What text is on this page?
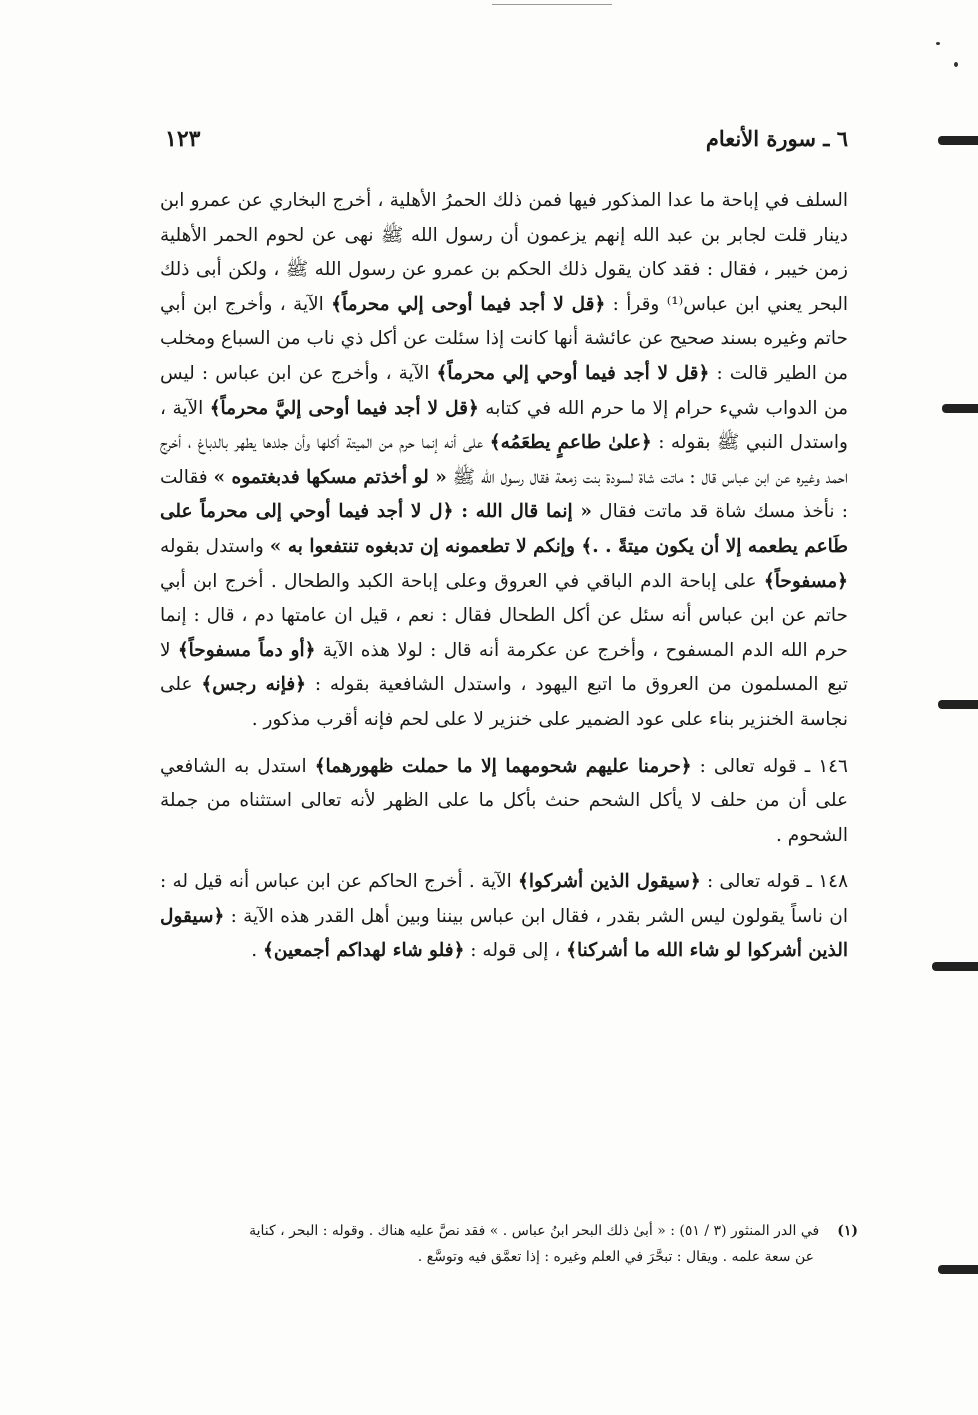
٦ ـ سورة الأنعام
١٢٣

السلف في إباحة ما عدا المذكور فيها فمن ذلك الحمرُ الأهلية ، أخرج البخاري عن عمرو ابن دينار قلت لجابر بن عبد الله إنهم يزعمون أن رسول الله ﷺ نهى عن لحوم الحمر الأهلية زمن خيبر ، فقال : فقد كان يقول ذلك الحكم بن عمرو عن رسول الله ﷺ ، ولكن أبى ذلك البحر يعني ابن عباس⁽¹⁾ وقرأ : ﴿قل لا أجد فيما أوحى إلي محرماً﴾ الآية ، وأخرج ابن أبي حاتم وغيره بسند صحيح عن عائشة أنها كانت إذا سئلت عن أكل ذي ناب من السباع ومخلب من الطير قالت : ﴿قل لا أجد فيما أوحي إلي محرماً﴾ الآية ، وأخرج عن ابن عباس : ليس من الدواب شيء حرام إلا ما حرم الله في كتابه ﴿قل لا أجد فيما أوحى إليَّ محرماً﴾ الآية ، واستدل النبي ﷺ بقوله : ﴿علىٰ طاعمٍ يطعَمُه﴾ على أنه إنما حرم من الميتة أكلها وأن جلدها يطهر بالدباغ ، أخرج احمد وغيره عن ابن عباس قال : ماتت شاة لسودة بنت زمعة فقال رسول الله ﷺ « لو أخذتم مسكها فدبغتموه » فقالت : نأخذ مسك شاة قد ماتت فقال « إنما قال الله : ﴿ل لا أجد فيما أوحي إلى محرماً على طَاعم يطعمه إلا أن يكون ميتةً . .﴾ وإنكم لا تطعمونه إن تدبغوه تنتفعوا به » واستدل بقوله ﴿مسفوحاً﴾ على إباحة الدم الباقي في العروق وعلى إباحة الكبد والطحال . أخرج ابن أبي حاتم عن ابن عباس أنه سئل عن أكل الطحال فقال : نعم ، قيل ان عامتها دم ، قال : إنما حرم الله الدم المسفوح ، وأخرج عن عكرمة أنه قال : لولا هذه الآية ﴿أو دماً مسفوحاً﴾ لا تبع المسلمون من العروق ما اتبع اليهود ، واستدل الشافعية بقوله : ﴿فإنه رجس﴾ على نجاسة الخنزير بناء على عود الضمير على خنزير لا على لحم فإنه أقرب مذكور .

١٤٦ ـ قوله تعالى : ﴿حرمنا عليهم شحومهما إلا ما حملت ظهورهما﴾ استدل به الشافعي على أن من حلف لا يأكل الشحم حنث بأكل ما على الظهر لأنه تعالى استثناه من جملة الشحوم .

١٤٨ ـ قوله تعالى : ﴿سيقول الذين أشركوا﴾ الآية . أخرج الحاكم عن ابن عباس أنه قيل له : ان ناساً يقولون ليس الشر بقدر ، فقال ابن عباس بيننا وبين أهل القدر هذه الآية : ﴿سيقول الذين أشركوا لو شاء الله ما أشركنا﴾ ، إلى قوله : ﴿فلو شاء لهداكم أجمعين﴾ .

(١)في الدر المنثور (٣ / ٥١) : « أبىٰ ذلك البحر ابنُ عباس . » فقد نصَّ عليه هناك . وقوله : البحر ، كناية
عن سعة علمه . ويقال : تبحَّرَ في العلم وغيره : إذا تعمَّق فيه وتوسَّع .
